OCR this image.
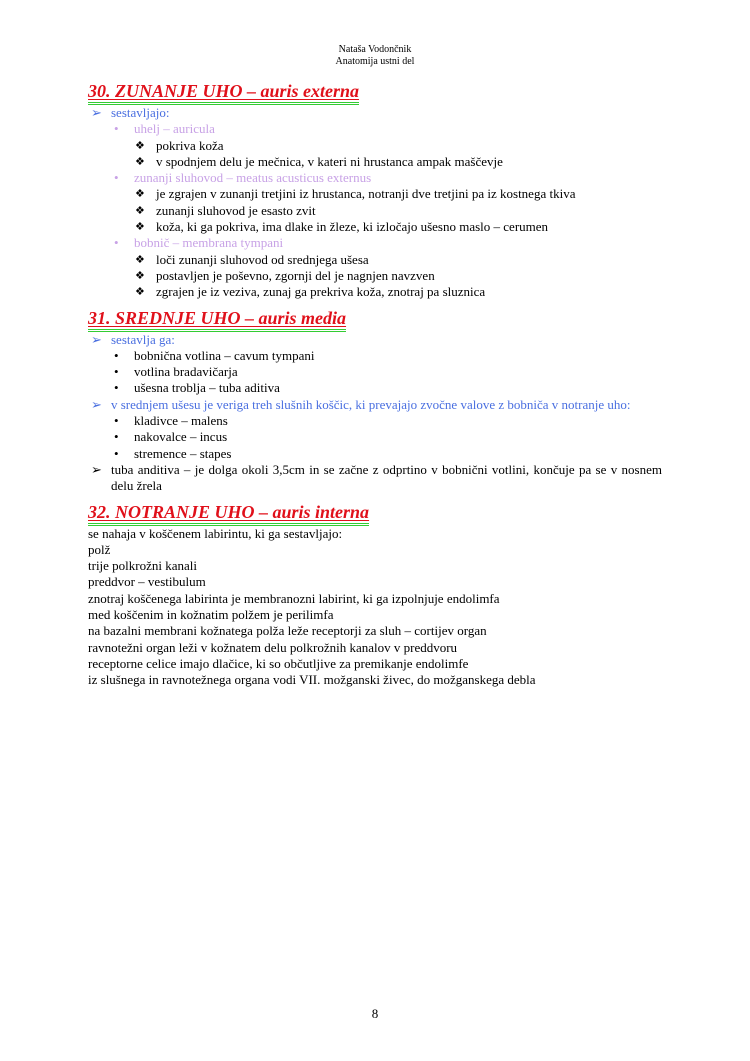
Nataša Vodončnik
Anatomija ustni del
30. ZUNANJE UHO – auris externa
➢ sestavljajo:
• uhelj – auricula
❖ pokriva koža
❖ v spodnjem delu je mečnica, v kateri ni hrustanca ampak maščevje
• zunanji sluhovod – meatus acusticus externus
❖ je zgrajen v zunanji tretjini iz hrustanca, notranji dve tretjini pa iz kostnega tkiva
❖ zunanji sluhovod je esasto zvit
❖ koža, ki ga pokriva, ima dlake in žleze, ki izločajo ušesno maslo – cerumen
• bobnič – membrana tympani
❖ loči zunanji sluhovod od srednjega ušesa
❖ postavljen je poševno, zgornji del je nagnjen navzven
❖ zgrajen je iz veziva, zunaj ga prekriva koža, znotraj pa sluznica
31. SREDNJE UHO – auris media
➢ sestavlja ga:
• bobnična votlina – cavum tympani
• votlina bradavičarja
• ušesna troblja – tuba aditiva
➢ v srednjem ušesu je veriga treh slušnih koščic, ki prevajajo zvočne valove z bobniča v notranje uho:
• kladivce – malens
• nakovalce – incus
• stremence – stapes
➢ tuba anditiva – je dolga okoli 3,5cm in se začne z odprtino v bobnični votlini, končuje pa se v nosnem delu žrela
32. NOTRANJE UHO – auris interna
se nahaja v koščenem labirintu, ki ga sestavljajo:
polž
trije polkrožni kanali
preddvor – vestibulum
znotraj koščenega labirinta je membranozni labirint, ki ga izpolnjuje endolimfa
med koščenim in kožnatim polžem je perilimfa
na bazalni membrani kožnatega polža leže receptorji za sluh – cortijev organ
ravnotežni organ leži v kožnatem delu polkrožnih kanalov v preddvoru
receptorne celice imajo dlačice, ki so občutljive za premikanje endolimfe
iz slušnega in ravnotežnega organa vodi VII. možganski živec, do možganskega debla
8
